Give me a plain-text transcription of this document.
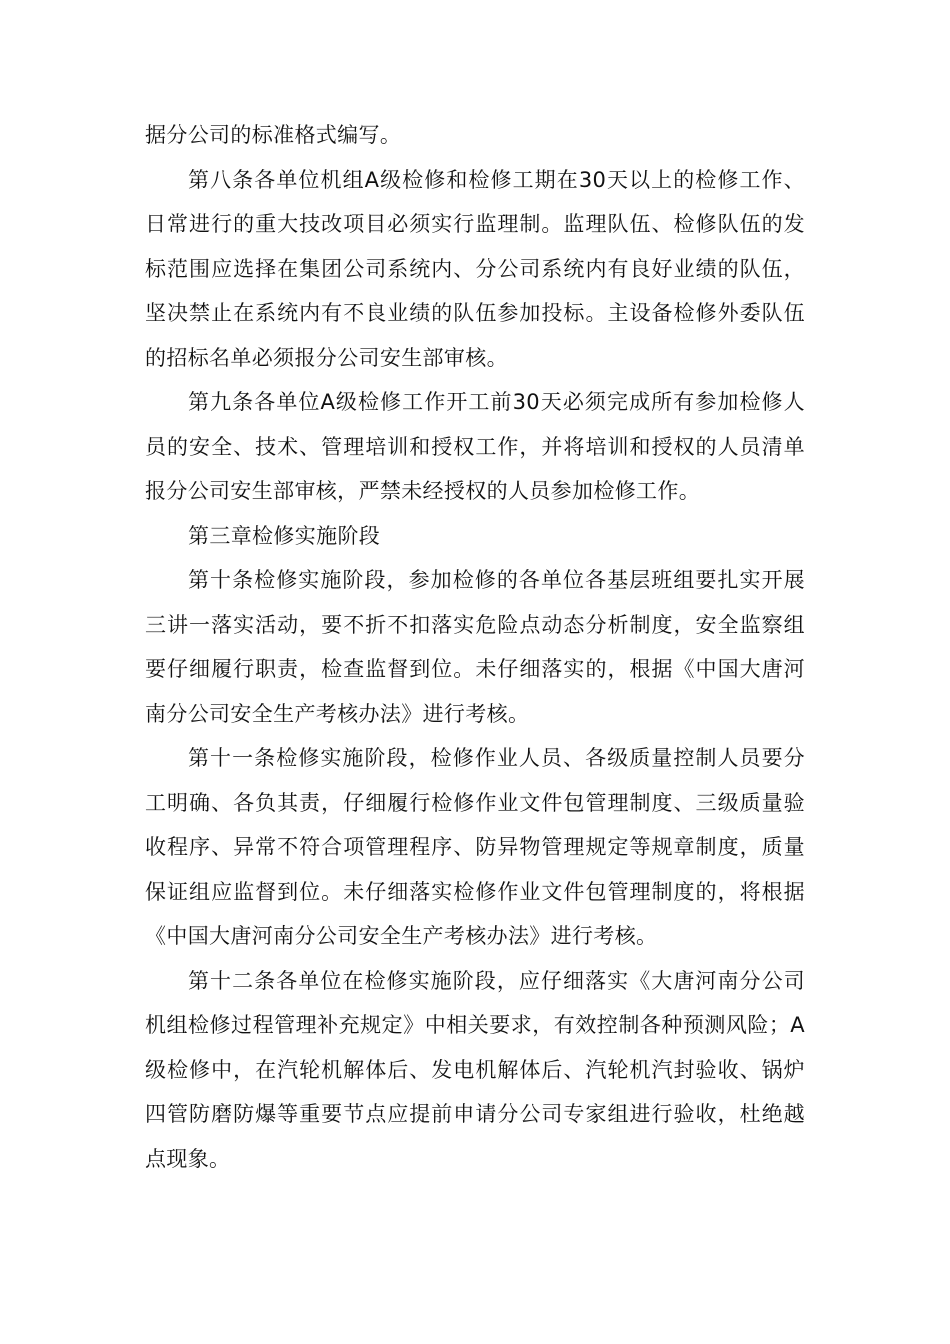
据分公司的标准格式编写。

第八条各单位机组A级检修和检修工期在30天以上的检修工作、日常进行的重大技改项目必须实行监理制。监理队伍、检修队伍的发标范围应选择在集团公司系统内、分公司系统内有良好业绩的队伍，坚决禁止在系统内有不良业绩的队伍参加投标。主设备检修外委队伍的招标名单必须报分公司安生部审核。

第九条各单位A级检修工作开工前30天必须完成所有参加检修人员的安全、技术、管理培训和授权工作，并将培训和授权的人员清单报分公司安生部审核，严禁未经授权的人员参加检修工作。

第三章检修实施阶段

第十条检修实施阶段，参加检修的各单位各基层班组要扎实开展三讲一落实活动，要不折不扣落实危险点动态分析制度，安全监察组要仔细履行职责，检查监督到位。未仔细落实的，根据《中国大唐河南分公司安全生产考核办法》进行考核。

第十一条检修实施阶段，检修作业人员、各级质量控制人员要分工明确、各负其责，仔细履行检修作业文件包管理制度、三级质量验收程序、异常不符合项管理程序、防异物管理规定等规章制度，质量保证组应监督到位。未仔细落实检修作业文件包管理制度的，将根据《中国大唐河南分公司安全生产考核办法》进行考核。

第十二条各单位在检修实施阶段，应仔细落实《大唐河南分公司机组检修过程管理补充规定》中相关要求，有效控制各种预测风险；A级检修中，在汽轮机解体后、发电机解体后、汽轮机汽封验收、锅炉四管防磨防爆等重要节点应提前申请分公司专家组进行验收，杜绝越点现象。
